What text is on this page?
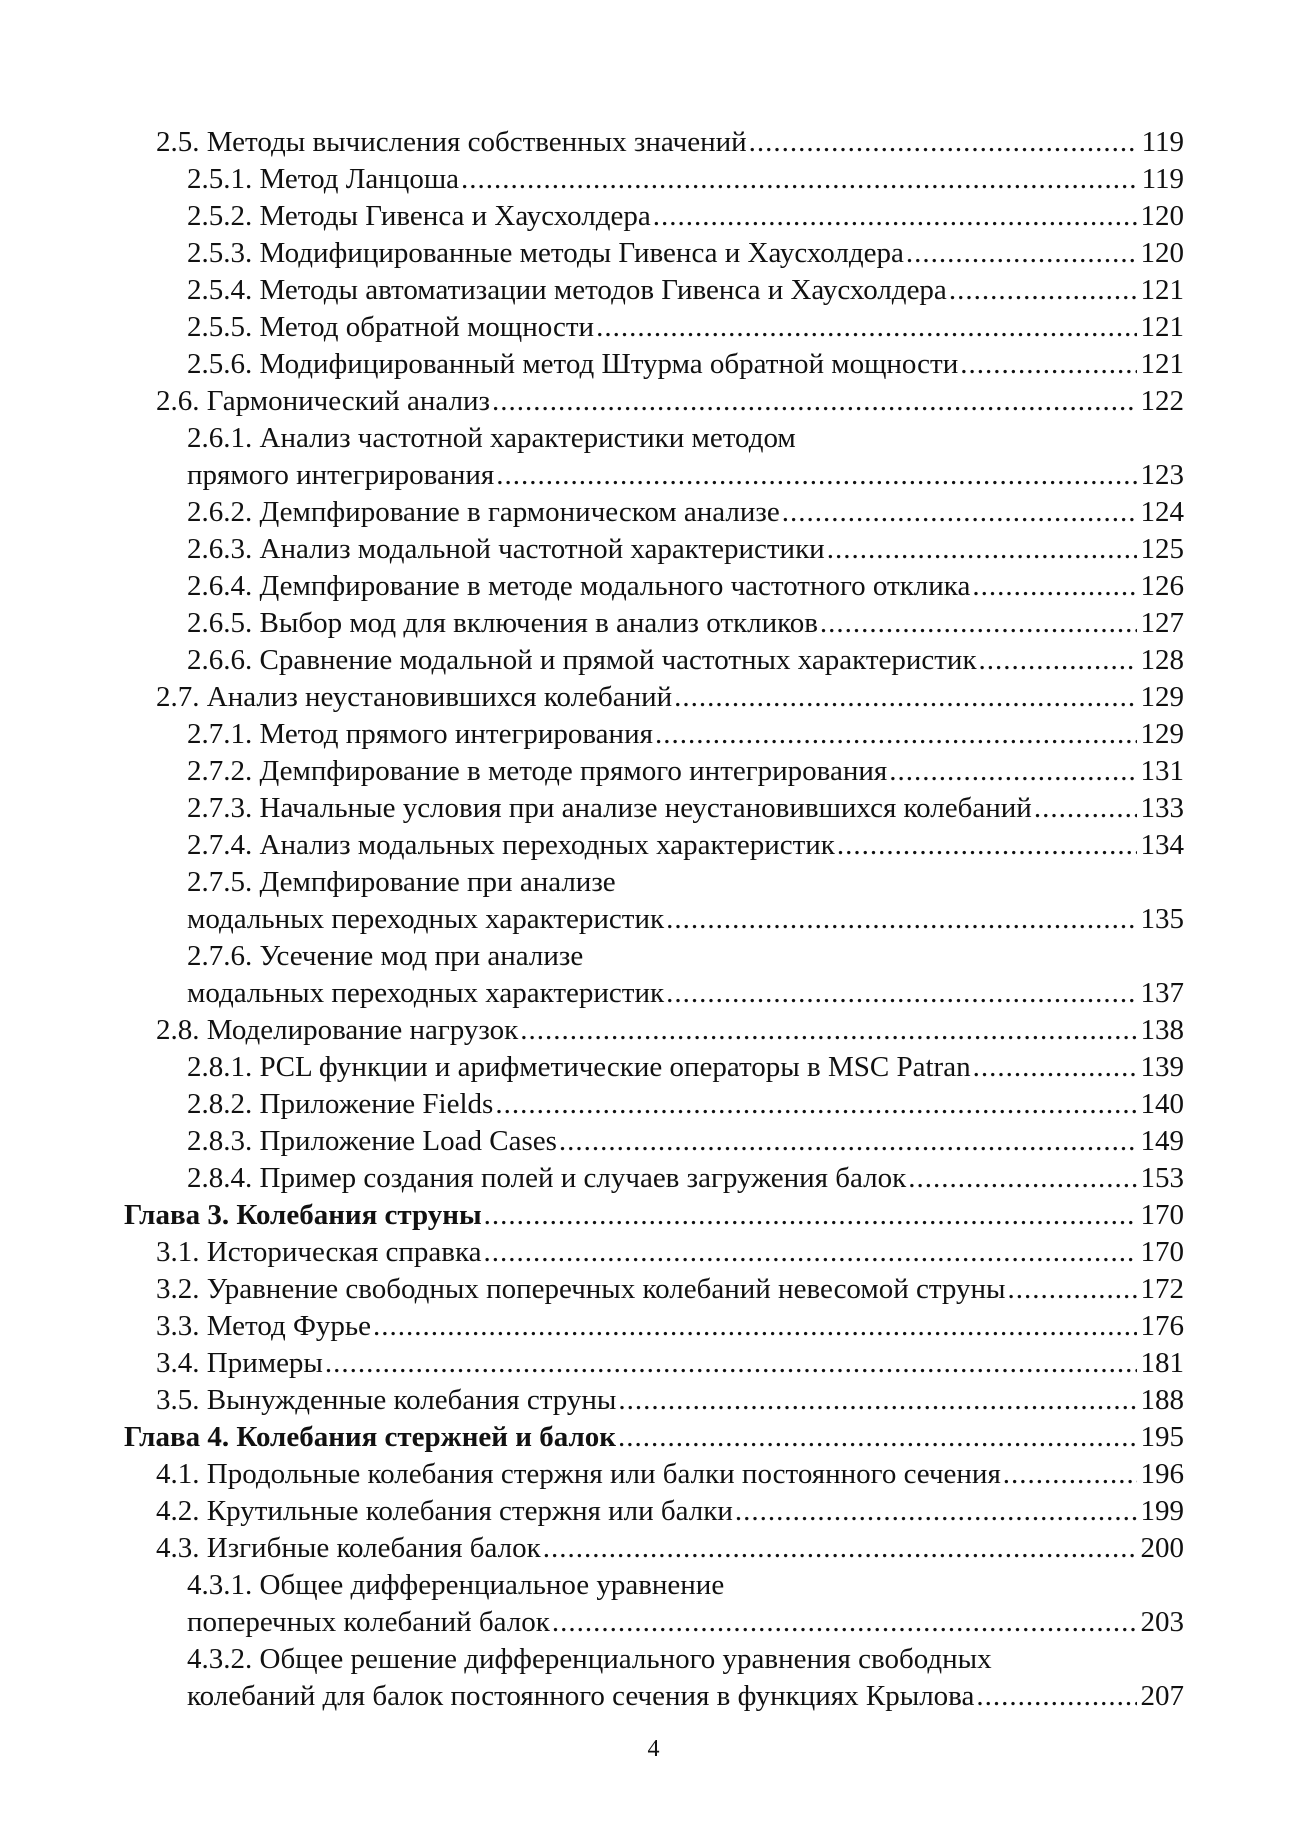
2.5. Методы вычисления собственных значений .....	119
2.5.1. Метод Ланцоша .....	119
2.5.2. Методы Гивенса и Хаусхолдера .....	120
2.5.3. Модифицированные методы Гивенса и Хаусхолдера .....	120
2.5.4. Методы автоматизации методов Гивенса и Хаусхолдера .....	121
2.5.5. Метод обратной мощности .....	121
2.5.6. Модифицированный метод Штурма обратной мощности .....	121
2.6. Гармонический анализ .....	122
2.6.1. Анализ частотной характеристики методом
прямого интегрирования .....	123
2.6.2. Демпфирование в гармоническом анализе .....	124
2.6.3. Анализ модальной частотной характеристики .....	125
2.6.4. Демпфирование в методе модального частотного отклика .....	126
2.6.5. Выбор мод для включения в анализ откликов .....	127
2.6.6. Сравнение модальной и прямой частотных характеристик .....	128
2.7. Анализ неустановившихся колебаний .....	129
2.7.1. Метод прямого интегрирования .....	129
2.7.2. Демпфирование в методе прямого интегрирования .....	131
2.7.3. Начальные условия при анализе неустановившихся колебаний .....	133
2.7.4. Анализ модальных переходных характеристик .....	134
2.7.5. Демпфирование при анализе
модальных переходных характеристик .....	135
2.7.6. Усечение мод при анализе
модальных переходных характеристик .....	137
2.8. Моделирование нагрузок .....	138
2.8.1. PCL функции и арифметические операторы в MSC Patran .....	139
2.8.2. Приложение Fields .....	140
2.8.3. Приложение Load Cases .....	149
2.8.4. Пример создания полей и случаев загружения балок .....	153
Глава 3. Колебания струны .....	170
3.1. Историческая справка .....	170
3.2. Уравнение свободных поперечных колебаний невесомой струны .....	172
3.3. Метод Фурье .....	176
3.4. Примеры .....	181
3.5. Вынужденные колебания струны .....	188
Глава 4. Колебания стержней и балок .....	195
4.1. Продольные колебания стержня или балки постоянного сечения .....	196
4.2. Крутильные колебания стержня или балки .....	199
4.3. Изгибные колебания балок .....	200
4.3.1. Общее дифференциальное уравнение
поперечных колебаний балок .....	203
4.3.2. Общее решение дифференциального уравнения свободных
колебаний для балок постоянного сечения в функциях Крылова .....	207
4
